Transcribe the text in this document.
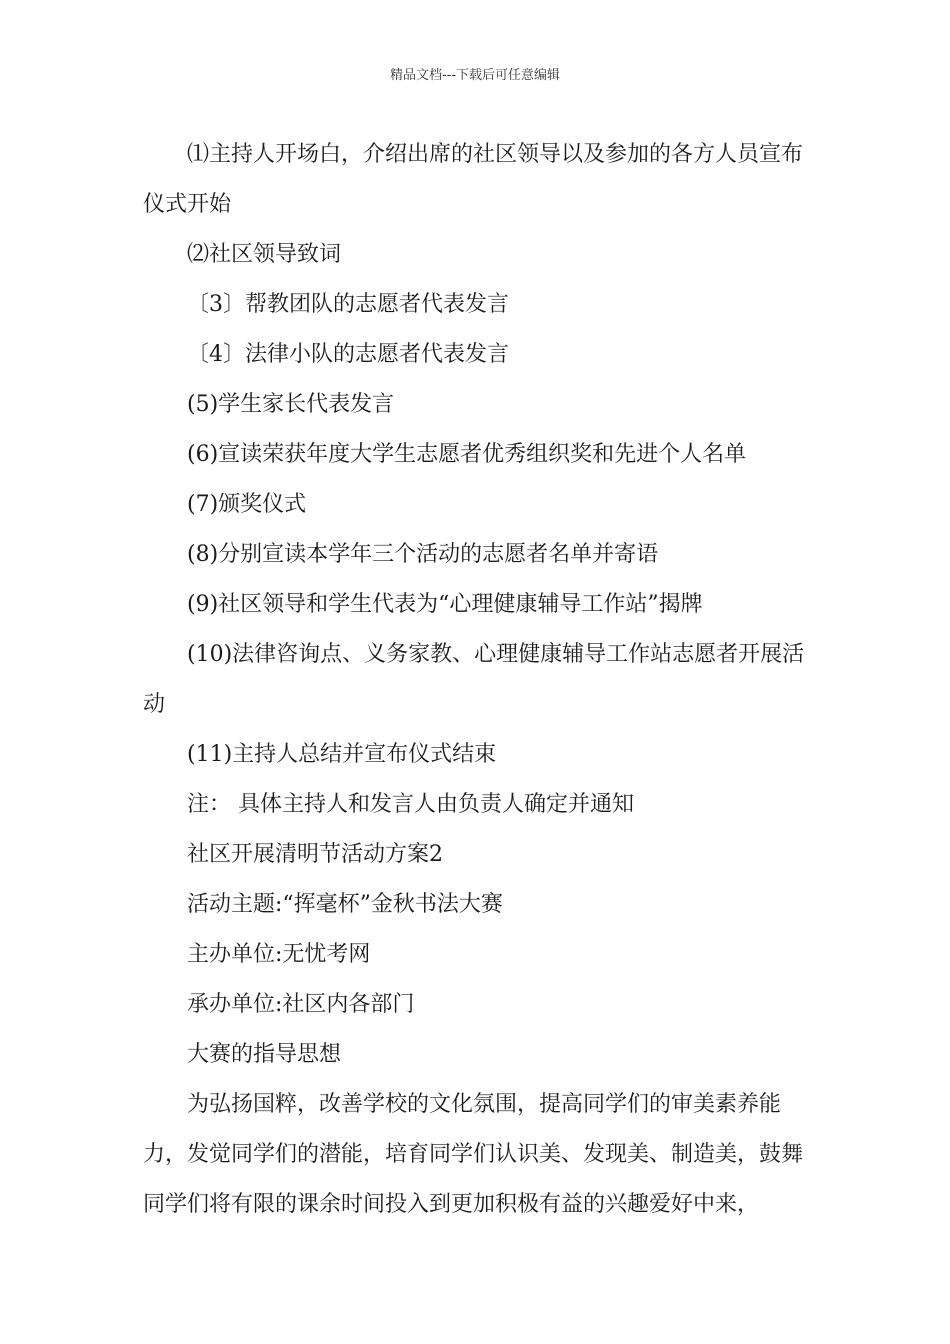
精品文档---下载后可任意编辑

⑴主持人开场白，介绍出席的社区领导以及参加的各方人员宣布仪式开始

⑵社区领导致词

〔3〕帮教团队的志愿者代表发言

〔4〕法律小队的志愿者代表发言

(5)学生家长代表发言

(6)宣读荣获年度大学生志愿者优秀组织奖和先进个人名单

(7)颁奖仪式

(8)分别宣读本学年三个活动的志愿者名单并寄语

(9)社区领导和学生代表为“心理健康辅导工作站”揭牌

(10)法律咨询点、义务家教、心理健康辅导工作站志愿者开展活动

(11)主持人总结并宣布仪式结束

注： 具体主持人和发言人由负责人确定并通知

社区开展清明节活动方案2

活动主题:“挥毫杯”金秋书法大赛

主办单位:无忧考网

承办单位:社区内各部门

大赛的指导思想

为弘扬国粹，改善学校的文化氛围，提高同学们的审美素养能力，发觉同学们的潜能，培育同学们认识美、发现美、制造美，鼓舞同学们将有限的课余时间投入到更加积极有益的兴趣爱好中来，
